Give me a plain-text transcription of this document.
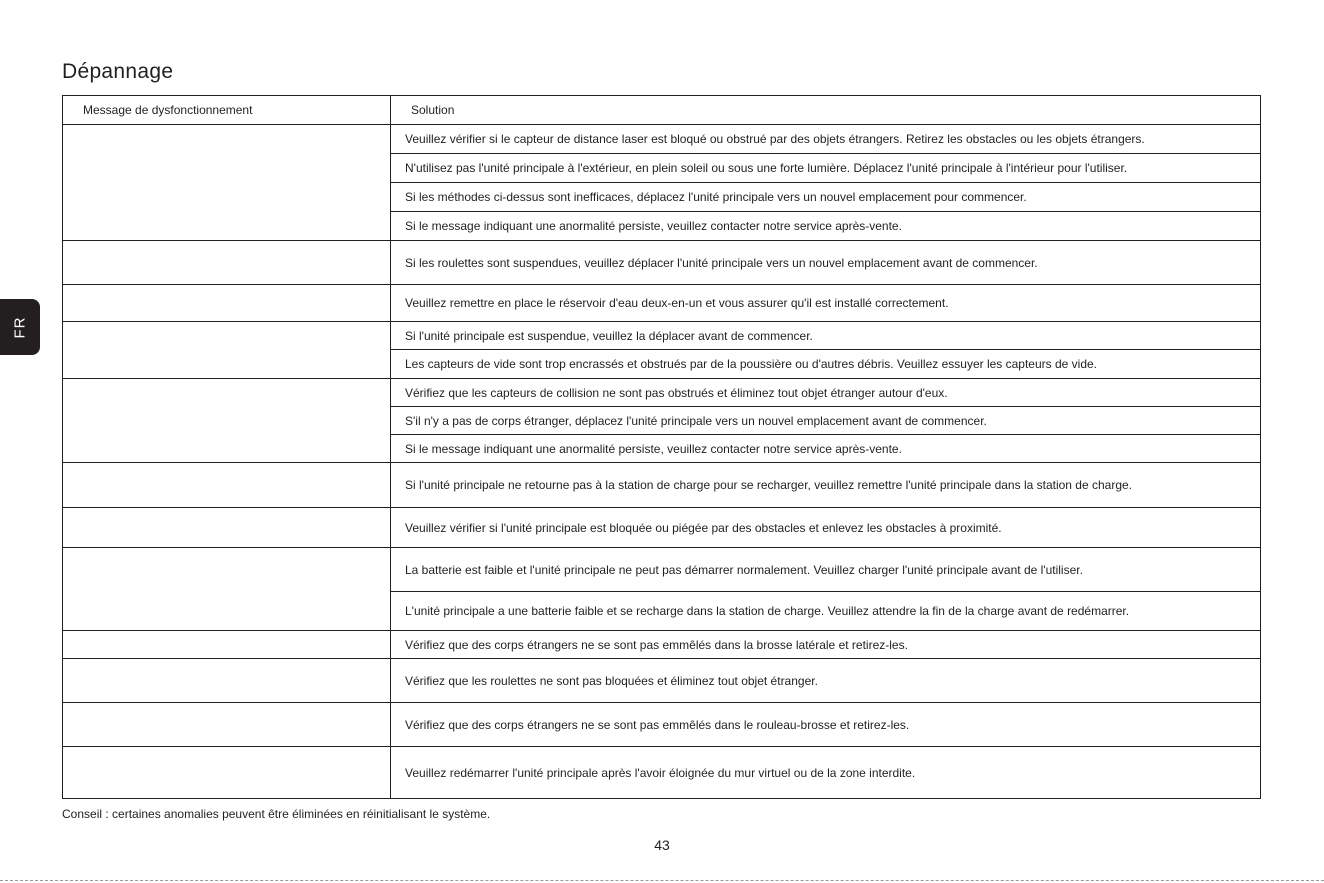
Dépannage
FR
Message de dysfonctionnement	Solution
	Veuillez vérifier si le capteur de distance laser est bloqué ou obstrué par des objets étrangers. Retirez les obstacles ou les objets étrangers.
	N'utilisez pas l'unité principale à l'extérieur, en plein soleil ou sous une forte lumière. Déplacez l'unité principale à l'intérieur pour l'utiliser.
	Si les méthodes ci-dessus sont inefficaces, déplacez l'unité principale vers un nouvel emplacement pour commencer.
	Si le message indiquant une anormalité persiste, veuillez contacter notre service après-vente.
	Si les roulettes sont suspendues, veuillez déplacer l'unité principale vers un nouvel emplacement avant de commencer.
	Veuillez remettre en place le réservoir d'eau deux-en-un et vous assurer qu'il est installé correctement.
	Si l'unité principale est suspendue, veuillez la déplacer avant de commencer.
	Les capteurs de vide sont trop encrassés et obstrués par de la poussière ou d'autres débris. Veuillez essuyer les capteurs de vide.
	Vérifiez que les capteurs de collision ne sont pas obstrués et éliminez tout objet étranger autour d'eux.
	S'il n'y a pas de corps étranger, déplacez l'unité principale vers un nouvel emplacement avant de commencer.
	Si le message indiquant une anormalité persiste, veuillez contacter notre service après-vente.
	Si l'unité principale ne retourne pas à la station de charge pour se recharger, veuillez remettre l'unité principale dans la station de charge.
	Veuillez vérifier si l'unité principale est bloquée ou piégée par des obstacles et enlevez les obstacles à proximité.
	La batterie est faible et l'unité principale ne peut pas démarrer normalement. Veuillez charger l'unité principale avant de l'utiliser.
	L'unité principale a une batterie faible et se recharge dans la station de charge. Veuillez attendre la fin de la charge avant de redémarrer.
	Vérifiez que des corps étrangers ne se sont pas emmêlés dans la brosse latérale et retirez-les.
	Vérifiez que les roulettes ne sont pas bloquées et éliminez tout objet étranger.
	Vérifiez que des corps étrangers ne se sont pas emmêlés dans le rouleau-brosse et retirez-les.
	Veuillez redémarrer l'unité principale après l'avoir éloignée du mur virtuel ou de la zone interdite.
Conseil : certaines anomalies peuvent être éliminées en réinitialisant le système.
43
